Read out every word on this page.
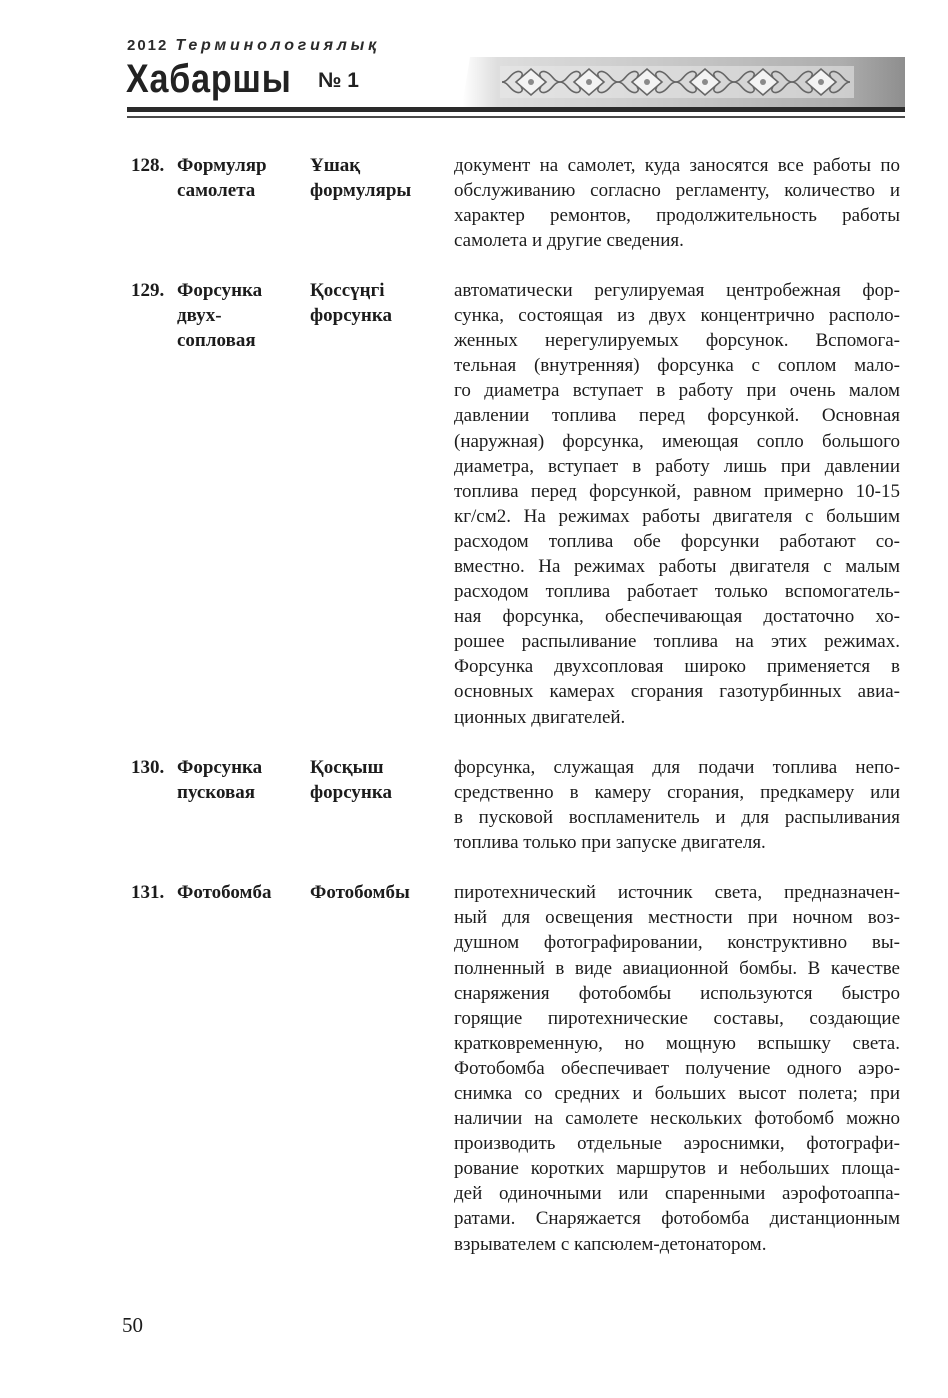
2012 Терминологиялық
Хабаршы № 1
128. Формуляр
самолета
Ұшақ
формуляры
документ на самолет, куда заносятся все работы по
обслуживанию согласно регламенту, количество и
характер ремонтов, продолжительность работы
самолета и другие сведения.
129. Форсунка
двух-
сопловая
Қоссүңгі
форсунка
автоматически регулируемая центробежная фор-
сунка, состоящая из двух концентрично располо-
женных нерегулируемых форсунок. Вспомога-
тельная (внутренняя) форсунка с соплом мало-
го диаметра вступает в работу при очень малом
давлении топлива перед форсункой. Основная
(наружная) форсунка, имеющая сопло большого
диаметра, вступает в работу лишь при давлении
топлива перед форсункой, равном примерно 10-15
кг/см2. На режимах работы двигателя с большим
расходом топлива обе форсунки работают со-
вместно. На режимах работы двигателя с малым
расходом топлива работает только вспомогатель-
ная форсунка, обеспечивающая достаточно хо-
рошее распыливание топлива на этих режимах.
Форсунка двухсопловая широко применяется в
основных камерах сгорания газотурбинных авиа-
ционных двигателей.
130. Форсунка
пусковая
Қосқыш
форсунка
форсунка, служащая для подачи топлива непо-
средственно в камеру сгорания, предкамеру или
в пусковой воспламенитель и для распыливания
топлива только при запуске двигателя.
131. Фотобомба	Фотобомбы	пиротехнический источник света, предназначен-
ный для освещения местности при ночном воз-
душном фотографировании, конструктивно вы-
полненный в виде авиационной бомбы. В качестве
снаряжения фотобомбы используются быстро
горящие пиротехнические составы, создающие
кратковременную, но мощную вспышку света.
Фотобомба обеспечивает получение одного аэро-
снимка со средних и больших высот полета; при
наличии на самолете нескольких фотобомб можно
производить отдельные аэроснимки, фотографи-
рование коротких маршрутов и небольших площа-
дей одиночными или спаренными аэрофотоаппа-
ратами. Снаряжается фотобомба дистанционным
взрывателем с капсюлем-детонатором.
50
